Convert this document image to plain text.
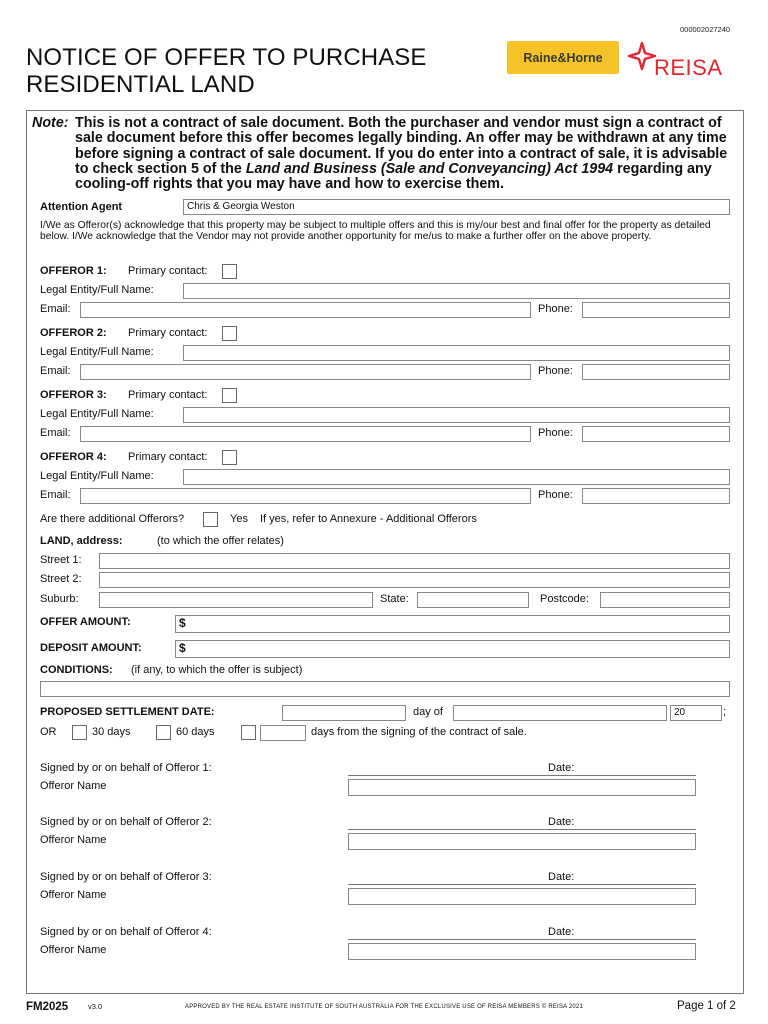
000002027240
NOTICE OF OFFER TO PURCHASE
RESIDENTIAL LAND
Raine&Horne	REISA
Note: This is not a contract of sale document. Both the purchaser and vendor must sign a contract of sale document before this offer becomes legally binding. An offer may be withdrawn at any time before signing a contract of sale document. If you do enter into a contract of sale, it is advisable to check section 5 of the Land and Business (Sale and Conveyancing) Act 1994 regarding any cooling-off rights that you may have and how to exercise them.
Attention Agent	Chris & Georgia Weston
I/We as Offeror(s) acknowledge that this property may be subject to multiple offers and this is my/our best and final offer for the property as detailed below. I/We acknowledge that the Vendor may not provide another opportunity for me/us to make a further offer on the above property.
OFFEROR 1: Primary contact:
Legal Entity/Full Name:
Email:	Phone:
OFFEROR 2: Primary contact:
Legal Entity/Full Name:
Email:	Phone:
OFFEROR 3: Primary contact:
Legal Entity/Full Name:
Email:	Phone:
OFFEROR 4: Primary contact:
Legal Entity/Full Name:
Email:	Phone:
Are there additional Offerors?	Yes If yes, refer to Annexure - Additional Offerors
LAND, address:	(to which the offer relates)
Street 1:
Street 2:
Suburb:	State:	Postcode:
OFFER AMOUNT:	$
DEPOSIT AMOUNT:	$
CONDITIONS: (if any, to which the offer is subject)
PROPOSED SETTLEMENT DATE:	day of	20	;
OR	30 days	60 days	days from the signing of the contract of sale.
Signed by or on behalf of Offeror 1:	Date:
Offeror Name
Signed by or on behalf of Offeror 2:	Date:
Offeror Name
Signed by or on behalf of Offeror 3:	Date:
Offeror Name
Signed by or on behalf of Offeror 4:	Date:
Offeror Name
FM2025	v3.0	APPROVED BY THE REAL ESTATE INSTITUTE OF SOUTH AUSTRALIA FOR THE EXCLUSIVE USE OF REISA MEMBERS © REISA 2021	Page 1 of 2
